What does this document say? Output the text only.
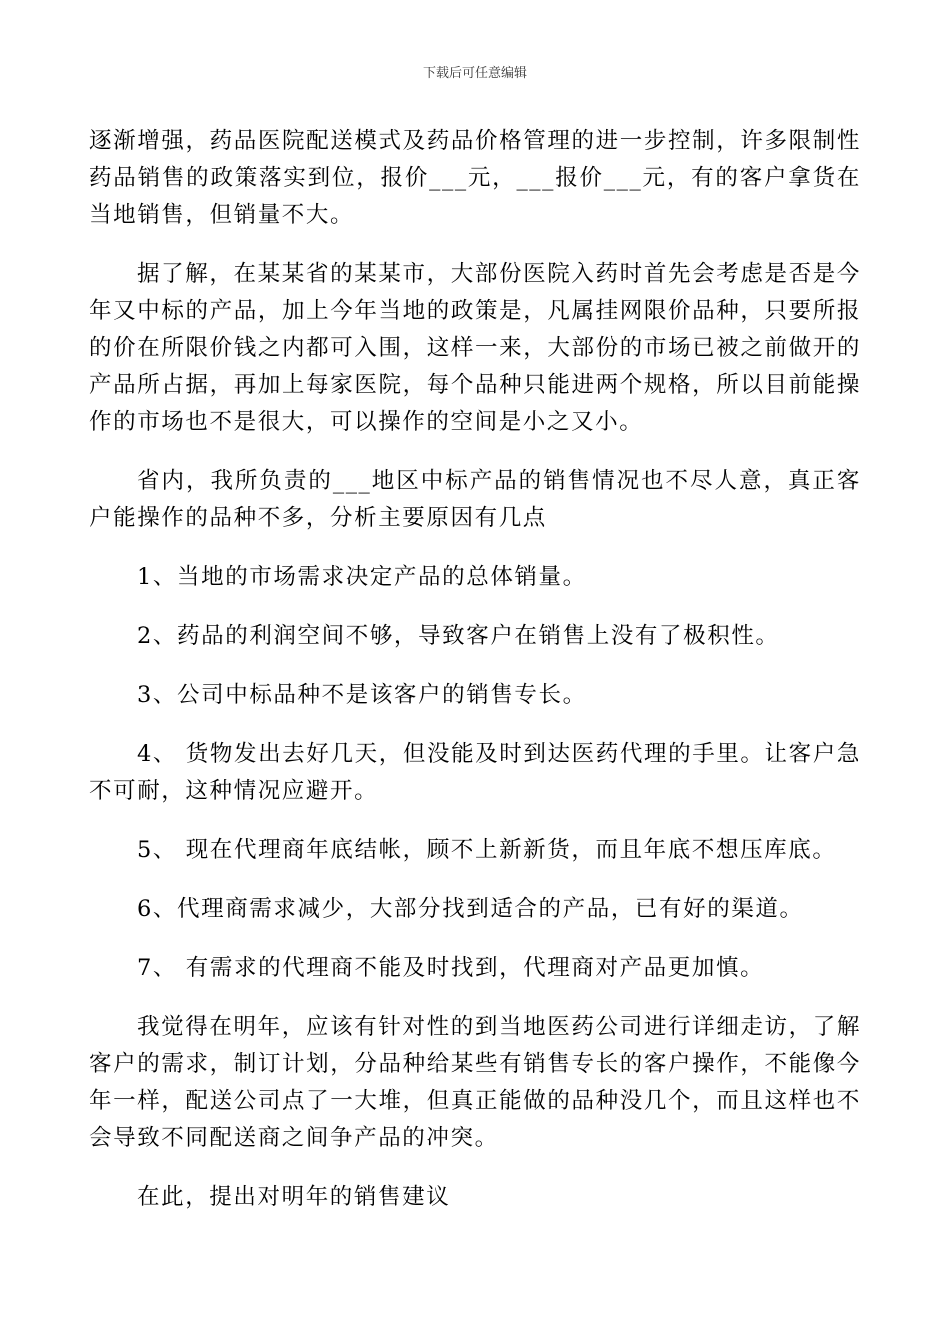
下载后可任意编辑

逐渐增强，药品医院配送模式及药品价格管理的进一步控制，许多限制性药品销售的政策落实到位，报价___元，___报价___元，有的客户拿货在当地销售，但销量不大。

据了解，在某某省的某某市，大部份医院入药时首先会考虑是否是今年又中标的产品，加上今年当地的政策是，凡属挂网限价品种，只要所报的价在所限价钱之内都可入围，这样一来，大部份的市场已被之前做开的产品所占据，再加上每家医院，每个品种只能进两个规格，所以目前能操作的市场也不是很大，可以操作的空间是小之又小。

省内，我所负责的___地区中标产品的销售情况也不尽人意，真正客户能操作的品种不多，分析主要原因有几点

1、当地的市场需求决定产品的总体销量。

2、药品的利润空间不够，导致客户在销售上没有了极积性。

3、公司中标品种不是该客户的销售专长。

4、 货物发出去好几天，但没能及时到达医药代理的手里。让客户急不可耐，这种情况应避开。

5、 现在代理商年底结帐，顾不上新新货，而且年底不想压库底。

6、代理商需求减少，大部分找到适合的产品，已有好的渠道。

7、 有需求的代理商不能及时找到，代理商对产品更加慎。

我觉得在明年，应该有针对性的到当地医药公司进行详细走访，了解客户的需求，制订计划，分品种给某些有销售专长的客户操作，不能像今年一样，配送公司点了一大堆，但真正能做的品种没几个，而且这样也不会导致不同配送商之间争产品的冲突。

在此，提出对明年的销售建议
